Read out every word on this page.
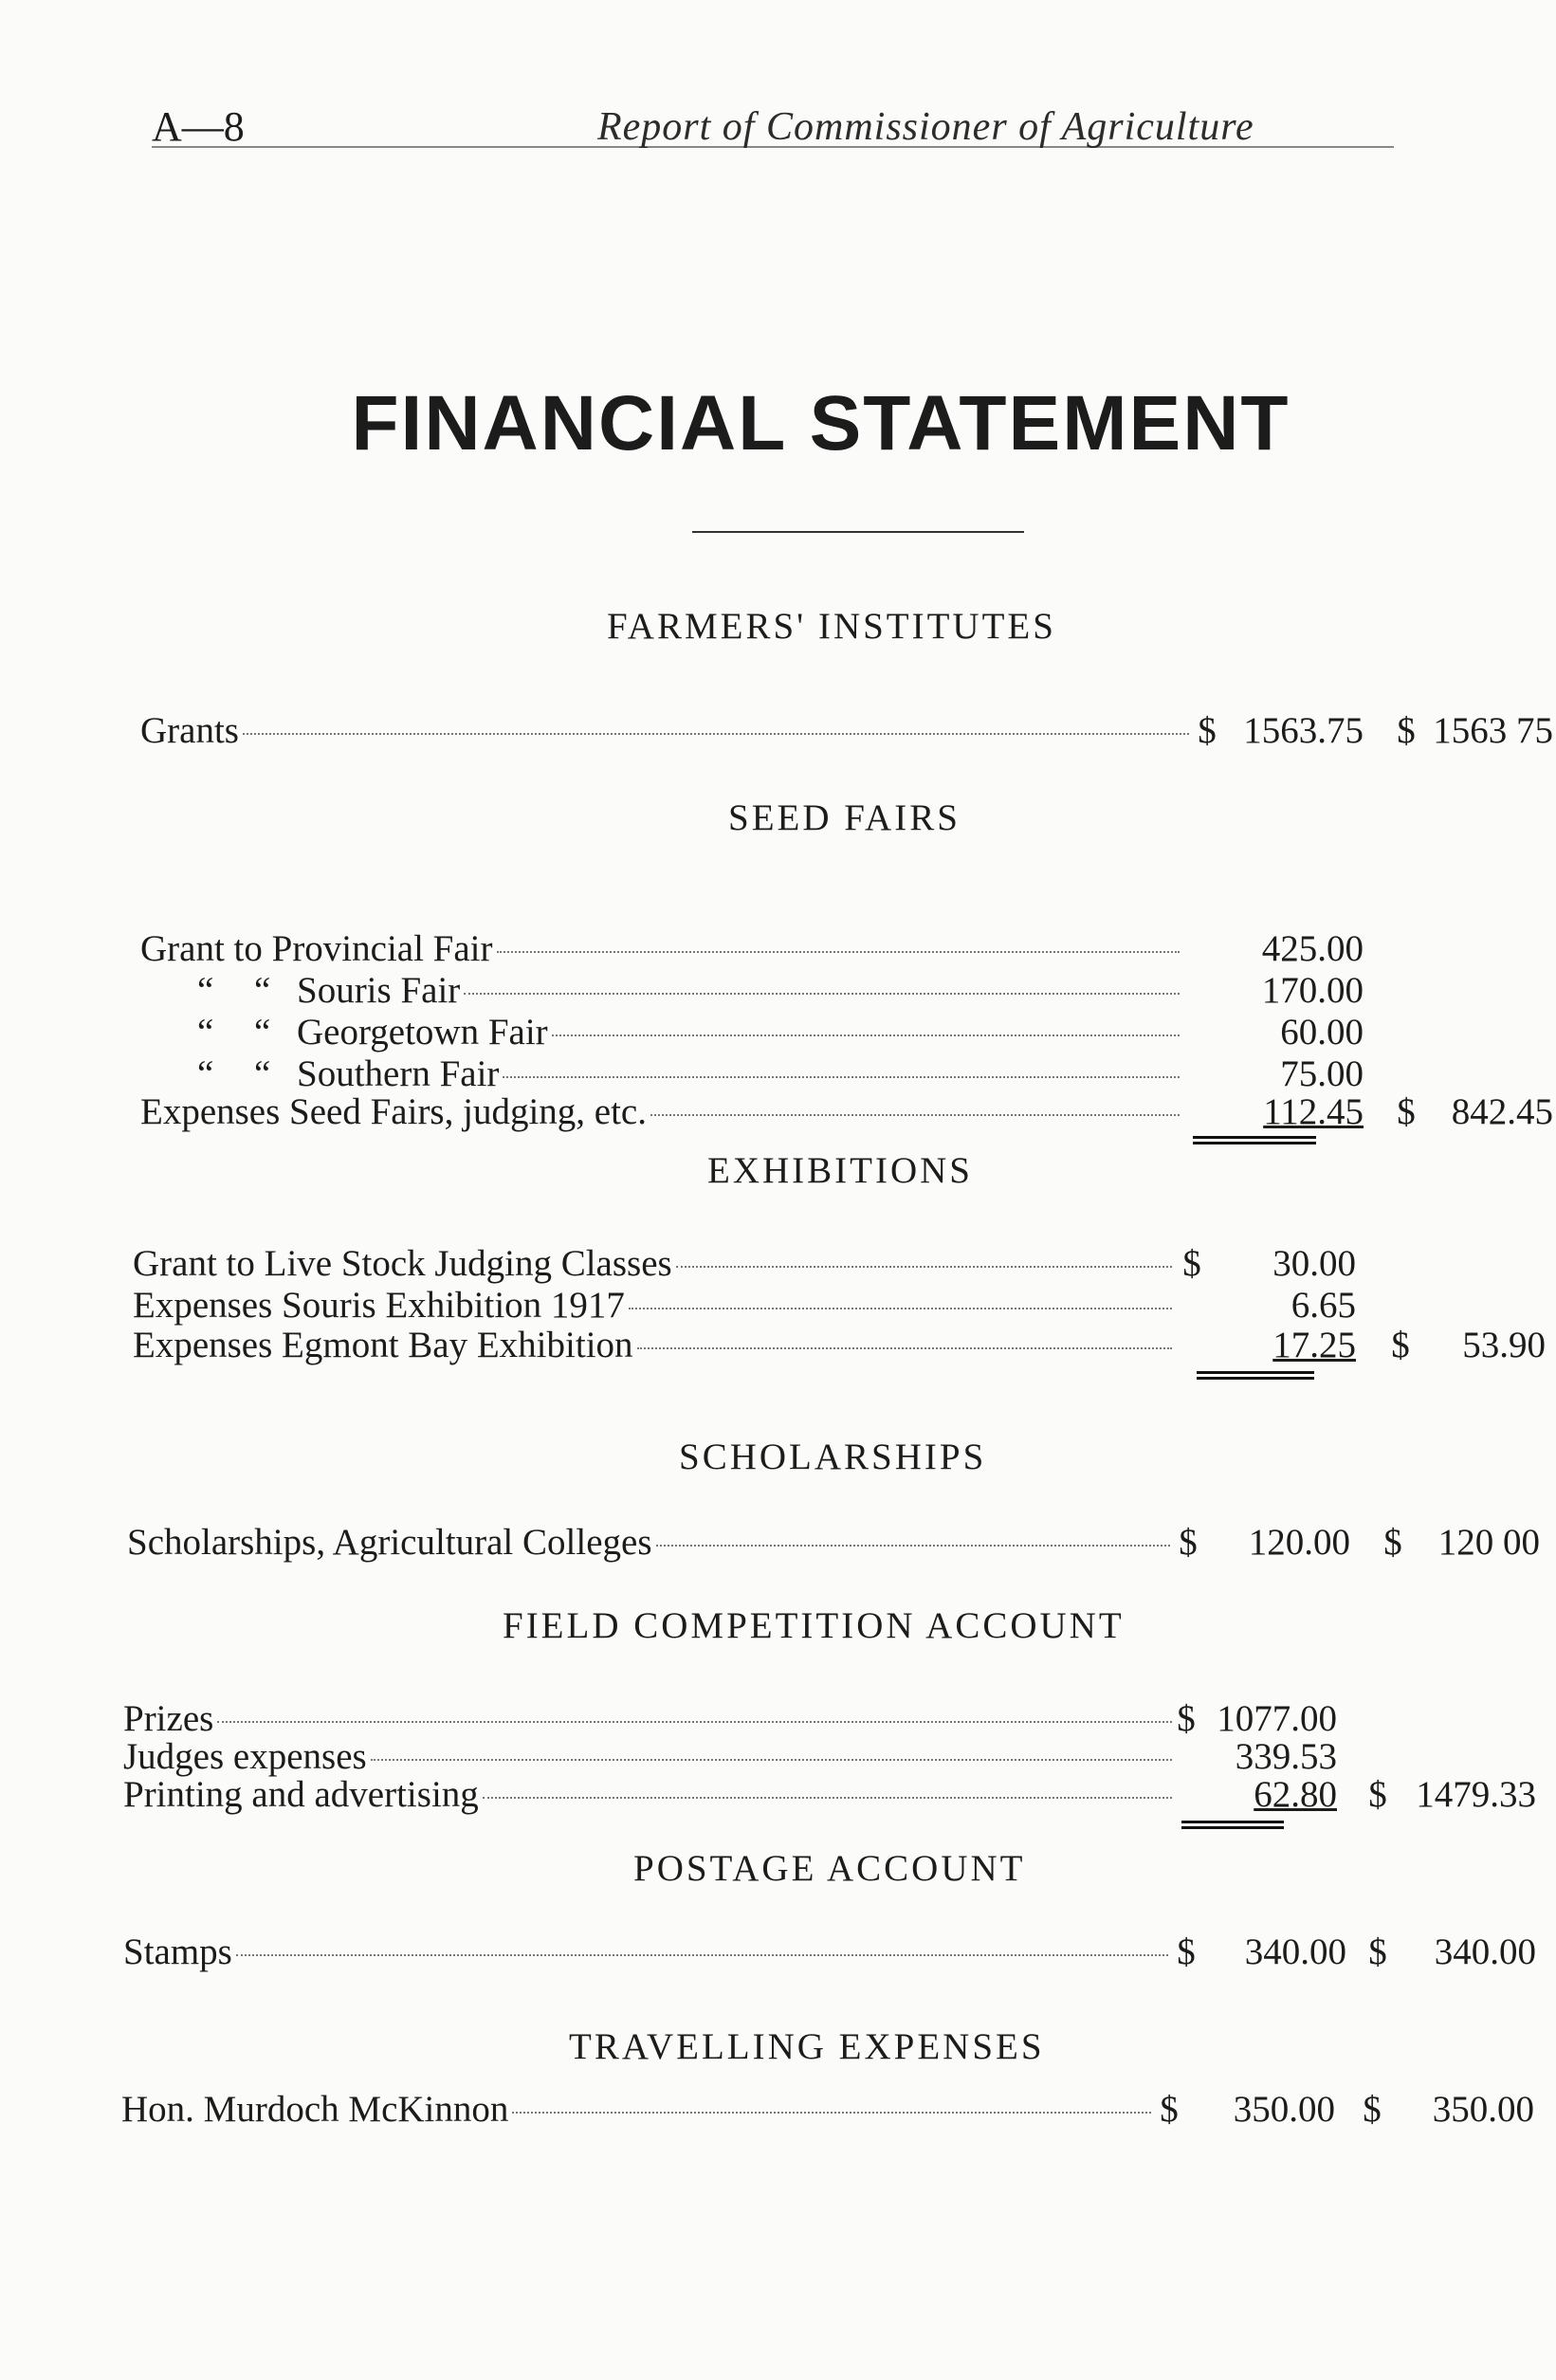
A—8	Report of Commissioner of Agriculture
FINANCIAL STATEMENT
FARMERS' INSTITUTES
Grants	$ 1563.75 $ 1563 75
SEED FAIRS
Grant to Provincial Fair	425.00
“	“ Souris Fair	170.00
“	“ Georgetown Fair	60.00
“	“ Southern Fair	75.00
Expenses Seed Fairs, judging, etc.	112.45 $ 842.45
EXHIBITIONS
Grant to Live Stock Judging Classes	$	30.00
Expenses Souris Exhibition 1917	6.65
Expenses Egmont Bay Exhibition	17.25 $	53.90
SCHOLARSHIPS
Scholarships, Agricultural Colleges	$	120.00 $ 120 00
FIELD COMPETITION ACCOUNT
Prizes	$ 1077.00
Judges expenses	339.53
Printing and advertising	62.80 $ 1479.33
POSTAGE ACCOUNT
Stamps	$	340.00 $	340.00
TRAVELLING EXPENSES
Hon. Murdoch McKinnon	$	350.00 $	350.00
